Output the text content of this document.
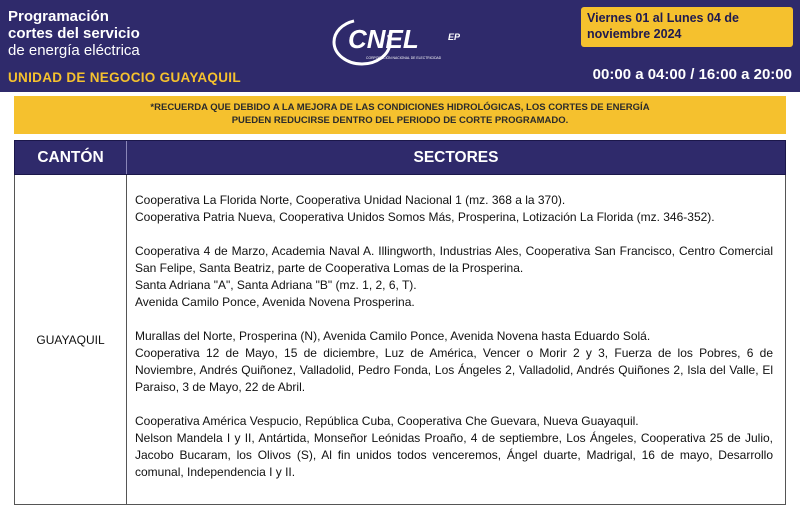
Programación
cortes del servicio
de energía eléctrica
UNIDAD DE NEGOCIO GUAYAQUIL
CNEL	EP
CORPORACIÓN NACIONAL DE ELECTRICIDAD
Viernes 01 al Lunes 04 de noviembre 2024
00:00 a 04:00 / 16:00 a 20:00
*RECUERDA QUE DEBIDO A LA MEJORA DE LAS CONDICIONES HIDROLÓGICAS, LOS CORTES DE ENERGÍA
PUEDEN REDUCIRSE DENTRO DEL PERIODO DE CORTE PROGRAMADO.
CANTÓN	SECTORES
GUAYAQUIL

Cooperativa La Florida Norte, Cooperativa Unidad Nacional 1 (mz. 368 a la 370).

Cooperativa Patria Nueva, Cooperativa Unidos Somos Más, Prosperina, Lotización La Florida (mz. 346-352).

Cooperativa 4 de Marzo, Academia Naval A. Illingworth, Industrias Ales, Cooperativa San Francisco, Centro Comercial San Felipe, Santa Beatriz, parte de Cooperativa Lomas de la Prosperina.

Santa Adriana "A", Santa Adriana "B" (mz. 1, 2, 6, T).

Avenida Camilo Ponce, Avenida Novena Prosperina.

Murallas del Norte, Prosperina (N), Avenida Camilo Ponce, Avenida Novena hasta Eduardo Solá.

Cooperativa 12 de Mayo, 15 de diciembre, Luz de América, Vencer o Morir 2 y 3, Fuerza de los Pobres, 6 de Noviembre, Andrés Quiñonez, Valladolid, Pedro Fonda, Los Ángeles 2, Valladolid, Andrés Quiñones 2, Isla del Valle, El Paraiso, 3 de Mayo, 22 de Abril.

Cooperativa América Vespucio, República Cuba, Cooperativa Che Guevara, Nueva Guayaquil.

Nelson Mandela I y II, Antártida, Monseñor Leónidas Proaño, 4 de septiembre, Los Ángeles, Cooperativa 25 de Julio, Jacobo Bucaram, los Olivos (S), Al fin unidos todos venceremos, Ángel duarte, Madrigal, 16 de mayo, Desarrollo comunal, Independencia I y II.
